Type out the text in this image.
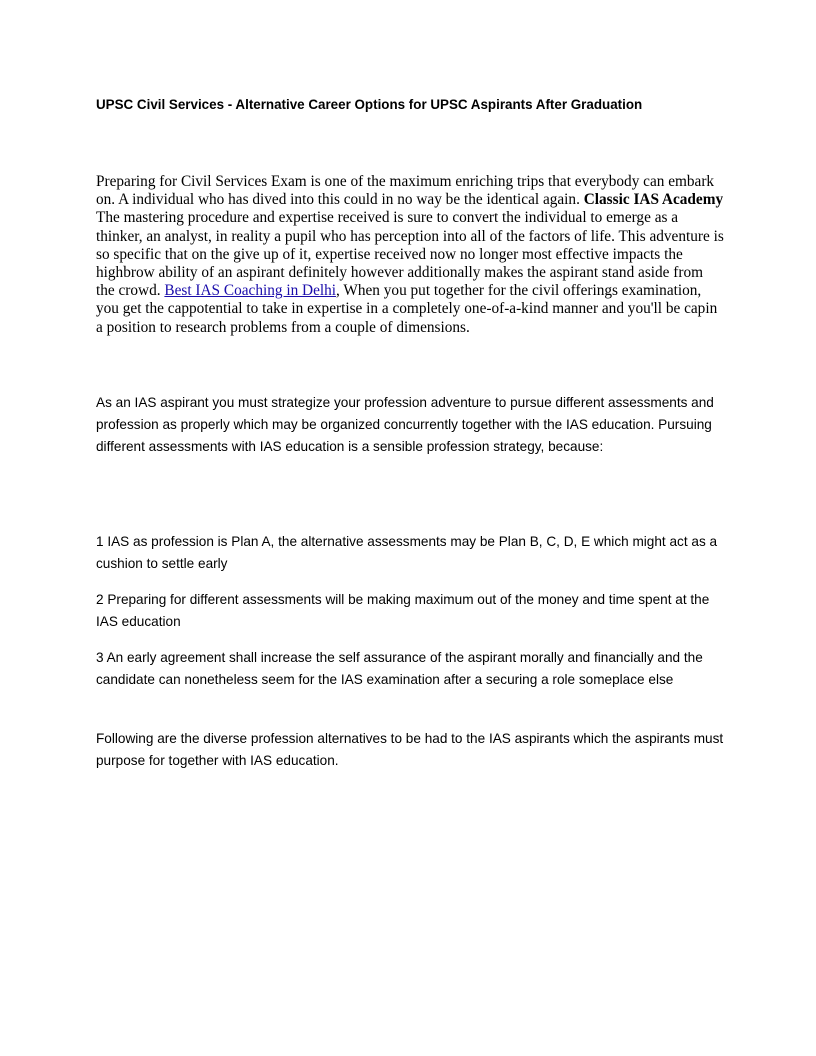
UPSC Civil Services - Alternative Career Options for UPSC Aspirants After Graduation
Preparing for Civil Services Exam is one of the maximum enriching trips that everybody can embark on. A individual who has dived into this could in no way be the identical again. Classic IAS Academy The mastering procedure and expertise received is sure to convert the individual to emerge as a thinker, an analyst, in reality a pupil who has perception into all of the factors of life. This adventure is so specific that on the give up of it, expertise received now no longer most effective impacts the highbrow ability of an aspirant definitely however additionally makes the aspirant stand aside from the crowd. Best IAS Coaching in Delhi, When you put together for the civil offerings examination, you get the cappotential to take in expertise in a completely one-of-a-kind manner and you'll be capin a position to research problems from a couple of dimensions.
As an IAS aspirant you must strategize your profession adventure to pursue different assessments and profession as properly which may be organized concurrently together with the IAS education. Pursuing different assessments with IAS education is a sensible profession strategy, because:
1 IAS as profession is Plan A, the alternative assessments may be Plan B, C, D, E which might act as a cushion to settle early
2 Preparing for different assessments will be making maximum out of the money and time spent at the IAS education
3 An early agreement shall increase the self assurance of the aspirant morally and financially and the candidate can nonetheless seem for the IAS examination after a securing a role someplace else
Following are the diverse profession alternatives to be had to the IAS aspirants which the aspirants must purpose for together with IAS education.
